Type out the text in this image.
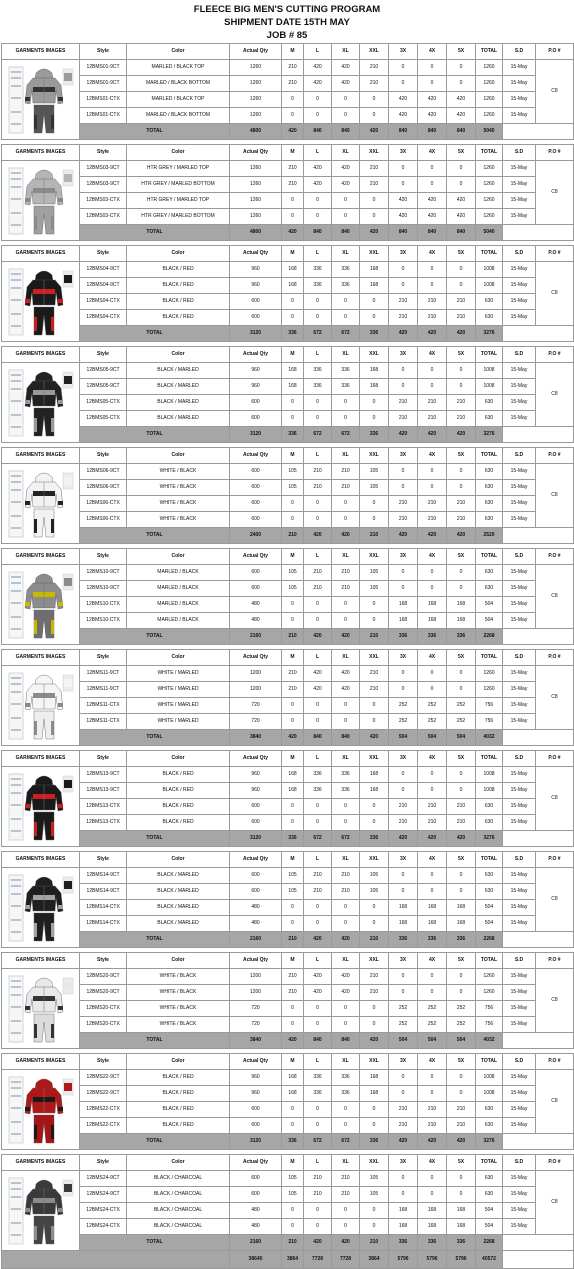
FLEECE BIG MEN'S CUTTING PROGRAM
SHIPMENT DATE 15TH MAY
JOB # 85
GARMENTS IMAGES	Style	Color	Actual Qty	M	L	XL	XXL	3X	4X	5X	TOTAL	S.D	P.O #

	12BMS01-9CT	MARLED / BLACK TOP	1260	210	420	420	210	0	0	0	1260	15-May	C8
	12BMS01-9CT	MARLED / BLACK BOTTOM	1260	210	420	420	210	0	0	0	1260	15-May	
	12BMS01-CTX	MARLED / BLACK TOP	1260	0	0	0	0	420	420	420	1260	15-May	
	12BMS01-CTX	MARLED / BLACK BOTTOM	1260	0	0	0	0	420	420	420	1260	15-May	
	TOTAL		4800	420	840	840	420	840	840	840	5040		

GARMENTS IMAGES	Style	Color	Actual Qty	M	L	XL	XXL	3X	4X	5X	TOTAL	S.D	P.O #

	12BMS03-9CT	HTR GREY / MARLED TOP	1260	210	420	420	210	0	0	0	1260	15-May	C8
	12BMS03-9CT	HTR GREY / MARLED BOTTOM	1260	210	420	420	210	0	0	0	1260	15-May	
	12BMS03-CTX	HTR GREY / MARLED TOP	1260	0	0	0	0	420	420	420	1260	15-May	
	12BMS03-CTX	HTR GREY / MARLED BOTTOM	1260	0	0	0	0	420	420	420	1260	15-May	
	TOTAL		4800	420	840	840	420	840	840	840	5040		

GARMENTS IMAGES	Style	Color	Actual Qty	M	L	XL	XXL	3X	4X	5X	TOTAL	S.D	P.O #

	12BMS04-9CT	BLACK / RED	960	168	336	336	168	0	0	0	1008	15-May	C8
	12BMS04-9CT	BLACK / RED	960	168	336	336	168	0	0	0	1008	15-May	
	12BMS04-CTX	BLACK / RED	600	0	0	0	0	210	210	210	630	15-May	
	12BMS04-CTX	BLACK / RED	600	0	0	0	0	210	210	210	630	15-May	
	TOTAL		3120	336	672	672	336	420	420	420	3276		

GARMENTS IMAGES	Style	Color	Actual Qty	M	L	XL	XXL	3X	4X	5X	TOTAL	S.D	P.O #

	12BMS05-9CT	BLACK / MARLED	960	168	336	336	168	0	0	0	1008	15-May	C8
	12BMS05-9CT	BLACK / MARLED	960	168	336	336	168	0	0	0	1008	15-May	
	12BMS05-CTX	BLACK / MARLED	600	0	0	0	0	210	210	210	630	15-May	
	12BMS05-CTX	BLACK / MARLED	600	0	0	0	0	210	210	210	630	15-May	
	TOTAL		3120	336	672	672	336	420	420	420	3276		

GARMENTS IMAGES	Style	Color	Actual Qty	M	L	XL	XXL	3X	4X	5X	TOTAL	S.D	P.O #

	12BMS06-9CT	WHITE / BLACK	600	105	210	210	105	0	0	0	630	15-May	C8
	12BMS06-9CT	WHITE / BLACK	600	105	210	210	105	0	0	0	630	15-May	
	12BMS06-CTX	WHITE / BLACK	600	0	0	0	0	210	210	210	630	15-May	
	12BMS06-CTX	WHITE / BLACK	600	0	0	0	0	210	210	210	630	15-May	
	TOTAL		2400	210	420	420	210	420	420	420	2520		

GARMENTS IMAGES	Style	Color	Actual Qty	M	L	XL	XXL	3X	4X	5X	TOTAL	S.D	P.O #

	12BMS10-9CT	MARLED / BLACK	600	105	210	210	105	0	0	0	630	15-May	C8
	12BMS10-9CT	MARLED / BLACK	600	105	210	210	105	0	0	0	630	15-May	
	12BMS10-CTX	MARLED / BLACK	480	0	0	0	0	168	168	168	504	15-May	
	12BMS10-CTX	MARLED / BLACK	480	0	0	0	0	168	168	168	504	15-May	
	TOTAL		2160	210	420	420	210	336	336	336	2268		

GARMENTS IMAGES	Style	Color	Actual Qty	M	L	XL	XXL	3X	4X	5X	TOTAL	S.D	P.O #

	12BMS11-9CT	WHITE / MARLED	1200	210	420	420	210	0	0	0	1260	15-May	C8
	12BMS11-9CT	WHITE / MARLED	1200	210	420	420	210	0	0	0	1260	15-May	
	12BMS11-CTX	WHITE / MARLED	720	0	0	0	0	252	252	252	756	15-May	
	12BMS11-CTX	WHITE / MARLED	720	0	0	0	0	252	252	252	756	15-May	
	TOTAL		3840	420	840	840	420	504	504	504	4032		

GARMENTS IMAGES	Style	Color	Actual Qty	M	L	XL	XXL	3X	4X	5X	TOTAL	S.D	P.O #

	12BMS13-9CT	BLACK / RED	960	168	336	336	168	0	0	0	1008	15-May	C8
	12BMS13-9CT	BLACK / RED	960	168	336	336	168	0	0	0	1008	15-May	
	12BMS13-CTX	BLACK / RED	600	0	0	0	0	210	210	210	630	15-May	
	12BMS13-CTX	BLACK / RED	600	0	0	0	0	210	210	210	630	15-May	
	TOTAL		3120	336	672	672	336	420	420	420	3276		

GARMENTS IMAGES	Style	Color	Actual Qty	M	L	XL	XXL	3X	4X	5X	TOTAL	S.D	P.O #

	12BMS14-9CT	BLACK / MARLED	600	105	210	210	105	0	0	0	630	15-May	C8
	12BMS14-9CT	BLACK / MARLED	600	105	210	210	105	0	0	0	630	15-May	
	12BMS14-CTX	BLACK / MARLED	480	0	0	0	0	168	168	168	504	15-May	
	12BMS14-CTX	BLACK / MARLED	480	0	0	0	0	168	168	168	504	15-May	
	TOTAL		2160	210	420	420	210	336	336	336	2268		

GARMENTS IMAGES	Style	Color	Actual Qty	M	L	XL	XXL	3X	4X	5X	TOTAL	S.D	P.O #

	12BMS20-9CT	WHITE / BLACK	1200	210	420	420	210	0	0	0	1260	15-May	C8
	12BMS20-9CT	WHITE / BLACK	1200	210	420	420	210	0	0	0	1260	15-May	
	12BMS20-CTX	WHITE / BLACK	720	0	0	0	0	252	252	252	756	15-May	
	12BMS20-CTX	WHITE / BLACK	720	0	0	0	0	252	252	252	756	15-May	
	TOTAL		3840	420	840	840	420	504	504	504	4032		

GARMENTS IMAGES	Style	Color	Actual Qty	M	L	XL	XXL	3X	4X	5X	TOTAL	S.D	P.O #

	12BMS22-9CT	BLACK / RED	960	168	336	336	168	0	0	0	1008	15-May	C8
	12BMS22-9CT	BLACK / RED	960	168	336	336	168	0	0	0	1008	15-May	
	12BMS22-CTX	BLACK / RED	600	0	0	0	0	210	210	210	630	15-May	
	12BMS22-CTX	BLACK / RED	600	0	0	0	0	210	210	210	630	15-May	
	TOTAL		3120	336	672	672	336	420	420	420	3276		

GARMENTS IMAGES	Style	Color	Actual Qty	M	L	XL	XXL	3X	4X	5X	TOTAL	S.D	P.O #

	12BMS24-9CT	BLACK / CHARCOAL	600	105	210	210	105	0	0	0	630	15-May	C8
	12BMS24-9CT	BLACK / CHARCOAL	600	105	210	210	105	0	0	0	630	15-May	
	12BMS24-CTX	BLACK / CHARCOAL	480	0	0	0	0	168	168	168	504	15-May	
	12BMS24-CTX	BLACK / CHARCOAL	480	0	0	0	0	168	168	168	504	15-May	
	TOTAL		2160	210	420	420	210	336	336	336	2268		
			38640	3864	7728	7728	3864	5796	5796	5796	40572		
